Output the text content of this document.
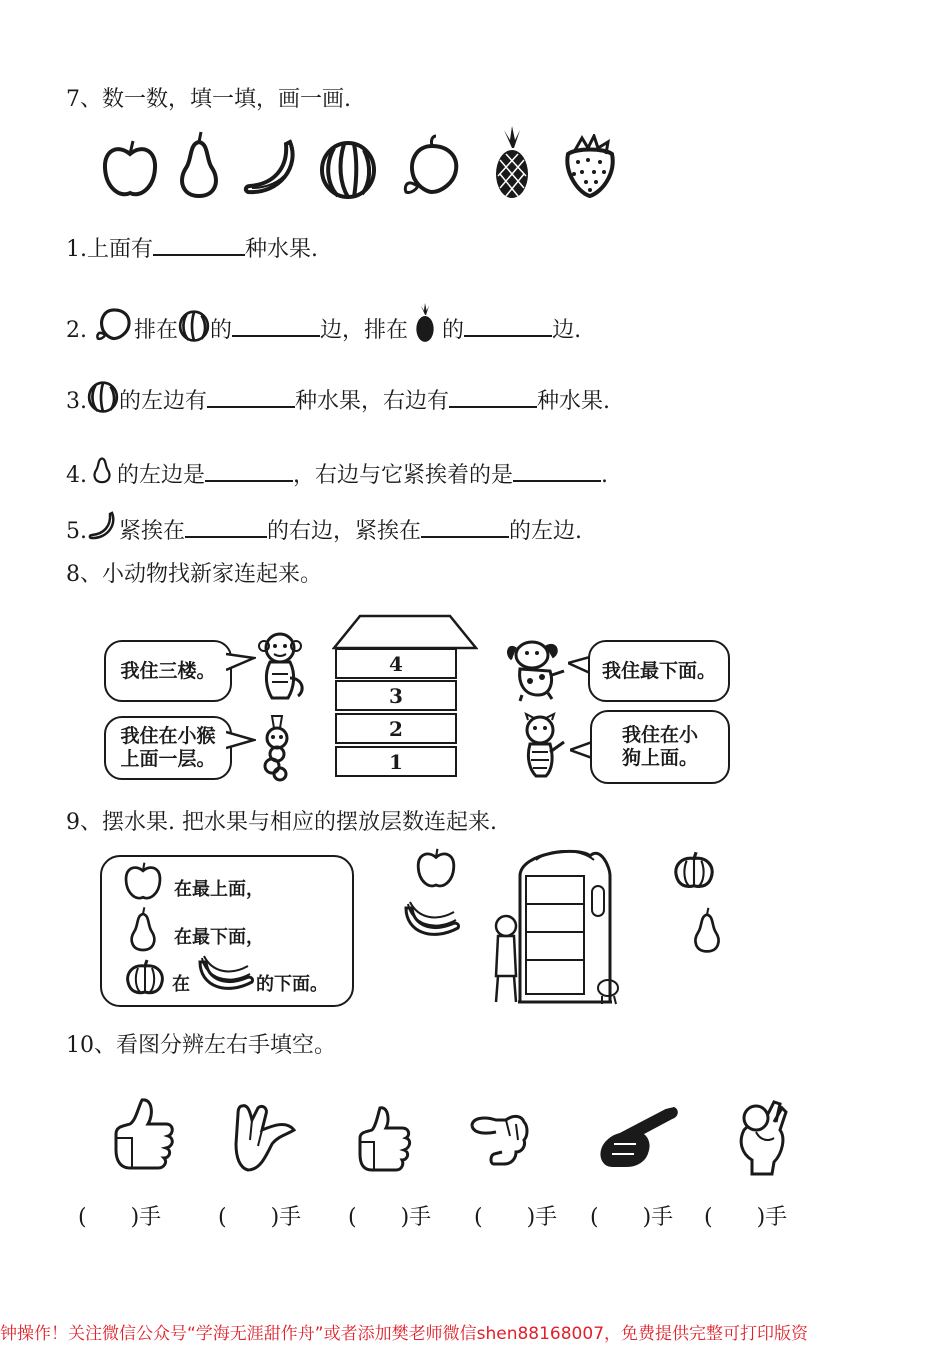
7、数一数，填一填，画一画.
1.上面有	种水果.
2. 排在 的	边，排在 的	边.
3. 的左边有	种水果，右边有	种水果.
4. 的左边是	，右边与它紧挨着的是	.
5. 紧挨在	的右边，紧挨在	的左边.
8、小动物找新家连起来。
我住三楼。
我住在小猴
上面一层。
4
3
2
1
我住最下面。
我住在小
狗上面。
9、摆水果. 把水果与相应的摆放层数连起来.
在最上面，
在最下面，
在	的下面。
10、看图分辨左右手填空。
(　　)手	(　　)手 (　　)手 (　　)手 (　　)手 (　　)手
钟操作！关注微信公众号“学海无涯甜作舟”或者添加樊老师微信shen88168007，免费提供完整可打印版资
